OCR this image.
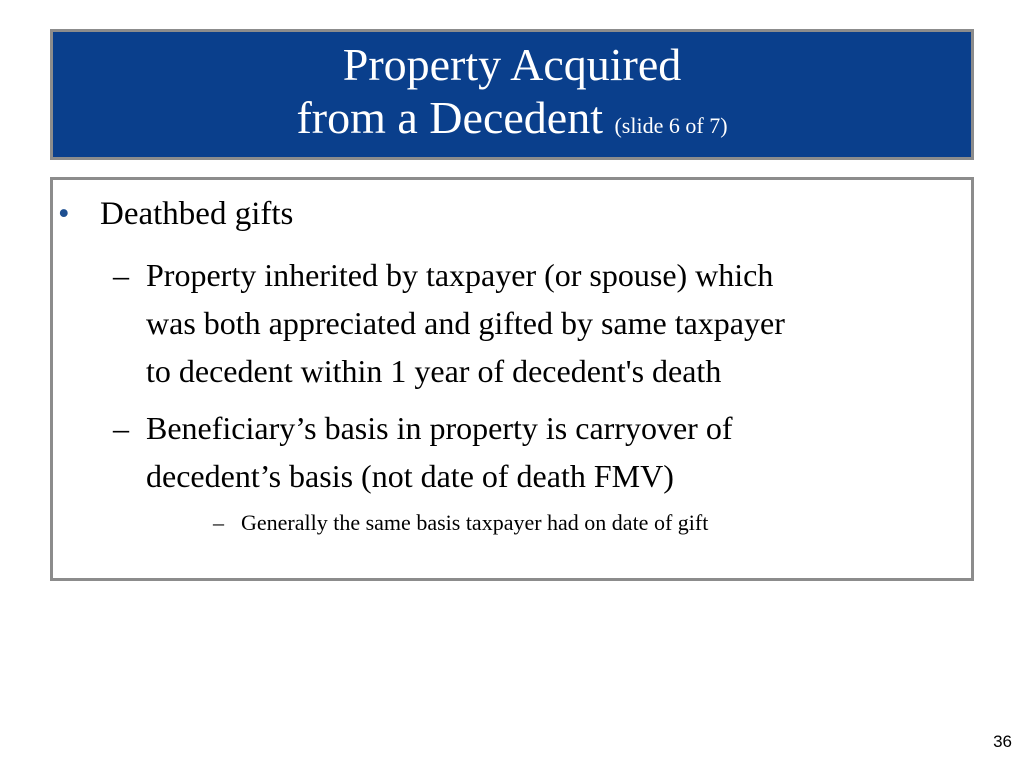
Property Acquired
from a Decedent (slide 6 of 7)
• Deathbed gifts
– Property inherited by taxpayer (or spouse) which
was both appreciated and gifted by same taxpayer
to decedent within 1 year of decedent's death
– Beneficiary’s basis in property is carryover of
decedent’s basis (not date of death FMV)
– Generally the same basis taxpayer had on date of gift
36
